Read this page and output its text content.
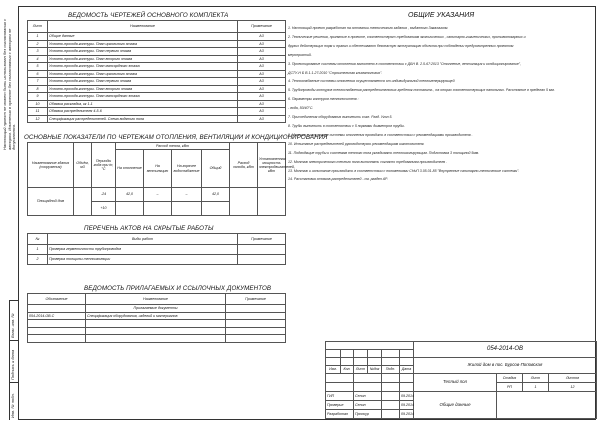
Настоящий проект не может быть использован без согласования с автором. Изменения в проекте без согласования с автором не допускаются.
Взам. инв. №
Подпись и дата
Инв. № подл.
ВЕДОМОСТЬ ЧЕРТЕЖЕЙ ОСНОВНОГО КОМПЛЕКТА
Лист	Наименование	Примечание
1	Общие данные	А3
2	Условно-проходя-контуры. План цокольного этажа	А3
3	Условно-проходя-контуры. План первого этажа	А3
4	Условно-проходя-контуры. План второго этажа	А3
5	Условно-проходя-контуры. План мансардного этажа	А3
6	Условно-проходя-контуры. План цокольного этажа	А3
7	Условно-проходя-контуры. План первого этажа	А3
8	Условно-проходя-контуры. План второго этажа	А3
9	Условно-проходя-контуры. План мансардного этажа	А3
10	Обвязка раскладка, кк 1-1	А3
11	Обвязка распределителя 4-5-6	А3
12	Спецификация распределителей. Схема водяного пола	А3
ОБЩИЕ УКАЗАНИЯ
1. Настоящий проект разработан на основании технического задания , выданного Заказчиком.
2. Технические решения, принятые в проекте, соответствуют требованиям экологических , санитарно-гигиенических, противопожарных и
других действующих норм и правил и обеспечивают безопасную эксплуатацию объекта при соблюдении предусмотренных проектом
мероприятий.
3. Проектирование системы отопления выполнено в соответствии с ДБН В. 2.5-67:2013 "Отопление, вентиляция и кондиционирование",
ДСТУ-Н Б В.1.1-27:2010 "Строительная климатология".
4. Теплоснабжение системы отопления осуществляется от индивидуальной теплогенерирующей
5. Трубопроводы контуров теплоснабжения распределительных гребенок поставить , на опорах соответствующих напольных. Расстояние в пределах 5 мм.
6. Параметры контуров теплоносителя :
- вода, 50/40°С.
7. Присоединения оборудования выполнить согл. Разд. Угол 5.
8. Трубы выполнить в соответствии с 5 нормами диаметров трубы.
9. Монтаж и испытание системы отопления проводить в соответствии с рекомендациями производителя .
10. Испытание распределителей руководствуясь рекомендациям изготовителя.
11. Подводящие трубы к системам теплого пола укладывать теплоизолирующим. Подготовка 3 толщиной 5мм.
12. Монтаж электрического теплого пола выполнять согласно требованиям производителя .
13. Монтаж и испытание производить в соответствии с положениями СНиП 3.05.01-85 "Внутренние санитарно-технические системы".
14. Расстановка стояков-распределителей - см. раздел АР.
ОСНОВНЫЕ ПОКАЗАТЕЛИ ПО ЧЕРТЕЖАМ ОТОПЛЕНИЯ, ВЕНТИЛЯЦИИ И КОНДИЦИОНИРОВАНИЯ
Наименование здания (сооружения)	Объём, м3	Периоды года при tн, °С	Расход тепла, кВт				Расход холода, кВт	Установленная мощность электродвигателей, кВт
			На отопление	На вентиляцию	На горячее водоснабжение	Общий		
Площадной дом		-24	42,0	–	–	42,0		
		+10						
ПЕРЕЧЕНЬ АКТОВ НА СКРЫТЫЕ РАБОТЫ
№	Виды работ	Примечание
1	Проверка герметичности трубопроводов	
2	Проверка толщины теплоизоляции	
ВЕДОМОСТЬ ПРИЛАГАЕМЫХ И ССЫЛОЧНЫХ ДОКУМЕНТОВ
Обозначение	Наименование	Примечание
	Прилагаемые документы	
054-2014-ОВ.С	Спецификация оборудования, изделий и материалов	

						054-2014-ОВ			

						Жилой дом в пос. Бурсов-Поповская			
Изм.	Кол.	Лист	№док	Подп.	Дата				
						Теплый пол	Стадия	Лист	Листов
							РП	1	12
ГИП		Сенин			09.2014	Общие данные			
Проверил		Сенин			09.2014				
Разработал		Проскур			09.2014				
